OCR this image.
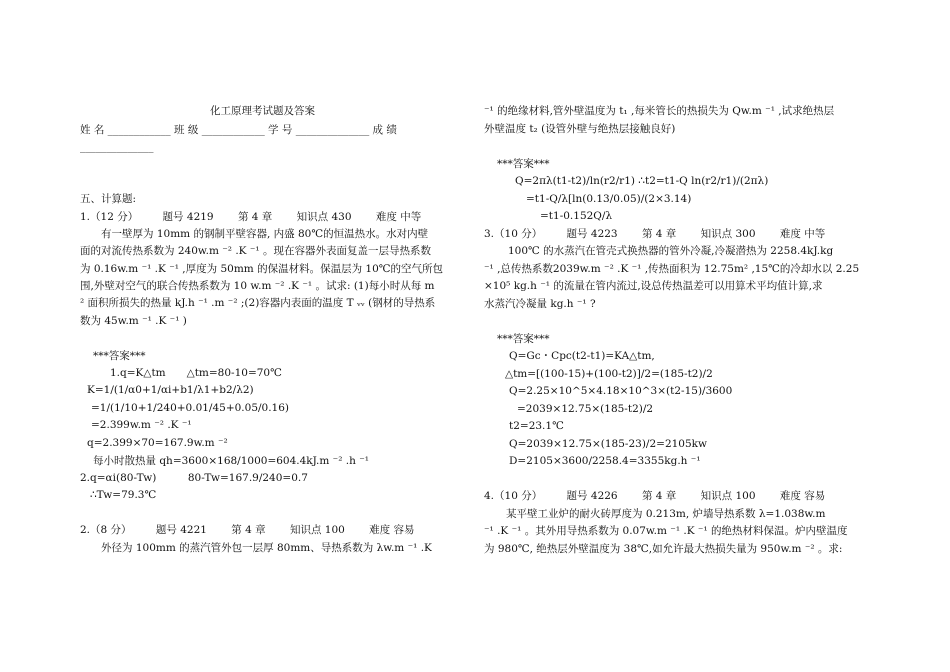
化工原理考试题及答案
姓 名 ____________ 班 级 ____________ 学 号 ______________ 成 绩
______________
五、计算题:
1.（12 分） 　　题号 4219 　　第 4 章　 　知识点 430　 　难度 中等
有一壁厚为 10mm 的钢制平壁容器, 内盛 80℃的恒温热水。水对内壁
面的对流传热系数为 240w.m ⁻² .K ⁻¹ 。现在容器外表面复盖一层导热系数
为 0.16w.m ⁻¹ .K ⁻¹ ,厚度为 50mm 的保温材料。保温层为 10℃的空气所包
围,外壁对空气的联合传热系数为 10 w.m ⁻² .K ⁻¹ 。试求: (1)每小时从每 m
² 面积所损失的热量 kJ.h ⁻¹ .m ⁻² ;(2)容器内表面的温度 T ᵥᵥ (钢材的导热系
数为 45w.m ⁻¹ .K ⁻¹ )
***答案***
1.q=K△tm　　△tm=80-10=70℃
K=1/(1/α0+1/αi+b1/λ1+b2/λ2)
=1/(1/10+1/240+0.01/45+0.05/0.16)
=2.399w.m ⁻² .K ⁻¹
q=2.399×70=167.9w.m ⁻²
每小时散热量 qh=3600×168/1000=604.4kJ.m ⁻² .h ⁻¹
2.q=αi(80-Tw)　　　80-Tw=167.9/240=0.7
∴Tw=79.3℃
2.（8 分） 　　题号 4221 　　第 4 章　 　知识点 100　 　难度 容易
外径为 100mm 的蒸汽管外包一层厚 80mm、导热系数为 λw.m ⁻¹ .K
⁻¹ 的绝缘材料,管外壁温度为 t₁ ,每米管长的热损失为 Qw.m ⁻¹ ,试求绝热层
外壁温度 t₂ (设管外壁与绝热层接触良好)
***答案***
Q=2πλ(t1-t2)/ln(r2/r1) ∴t2=t1-Q ln(r2/r1)/(2πλ)
=t1-Q/λ[ln(0.13/0.05)/(2×3.14)
=t1-0.152Q/λ
3.（10 分） 　　题号 4223 　　第 4 章　 　知识点 300　 　难度 中等
100℃ 的水蒸汽在管壳式换热器的管外冷凝,冷凝潜热为 2258.4kJ.kg
⁻¹ ,总传热系数2039w.m ⁻² .K ⁻¹ ,传热面积为 12.75m² ,15℃的冷却水以 2.25
×10⁵ kg.h ⁻¹ 的流量在管内流过,设总传热温差可以用算术平均值计算,求
水蒸汽冷凝量 kg.h ⁻¹ ?
***答案***
Q=Gc・Cpc(t2-t1)=KA△tm,
△tm=[(100-15)+(100-t2)]/2=(185-t2)/2
Q=2.25×10^5×4.18×10^3×(t2-15)/3600
=2039×12.75×(185-t2)/2
t2=23.1℃
Q=2039×12.75×(185-23)/2=2105kw
D=2105×3600/2258.4=3355kg.h ⁻¹
4.（10 分） 　　题号 4226 　　第 4 章　 　知识点 100　 　难度 容易
某平壁工业炉的耐火砖厚度为 0.213m, 炉墙导热系数 λ=1.038w.m
⁻¹ .K ⁻¹ 。其外用导热系数为 0.07w.m ⁻¹ .K ⁻¹ 的绝热材料保温。炉内壁温度
为 980℃, 绝热层外壁温度为 38℃,如允许最大热损失量为 950w.m ⁻² 。求:
